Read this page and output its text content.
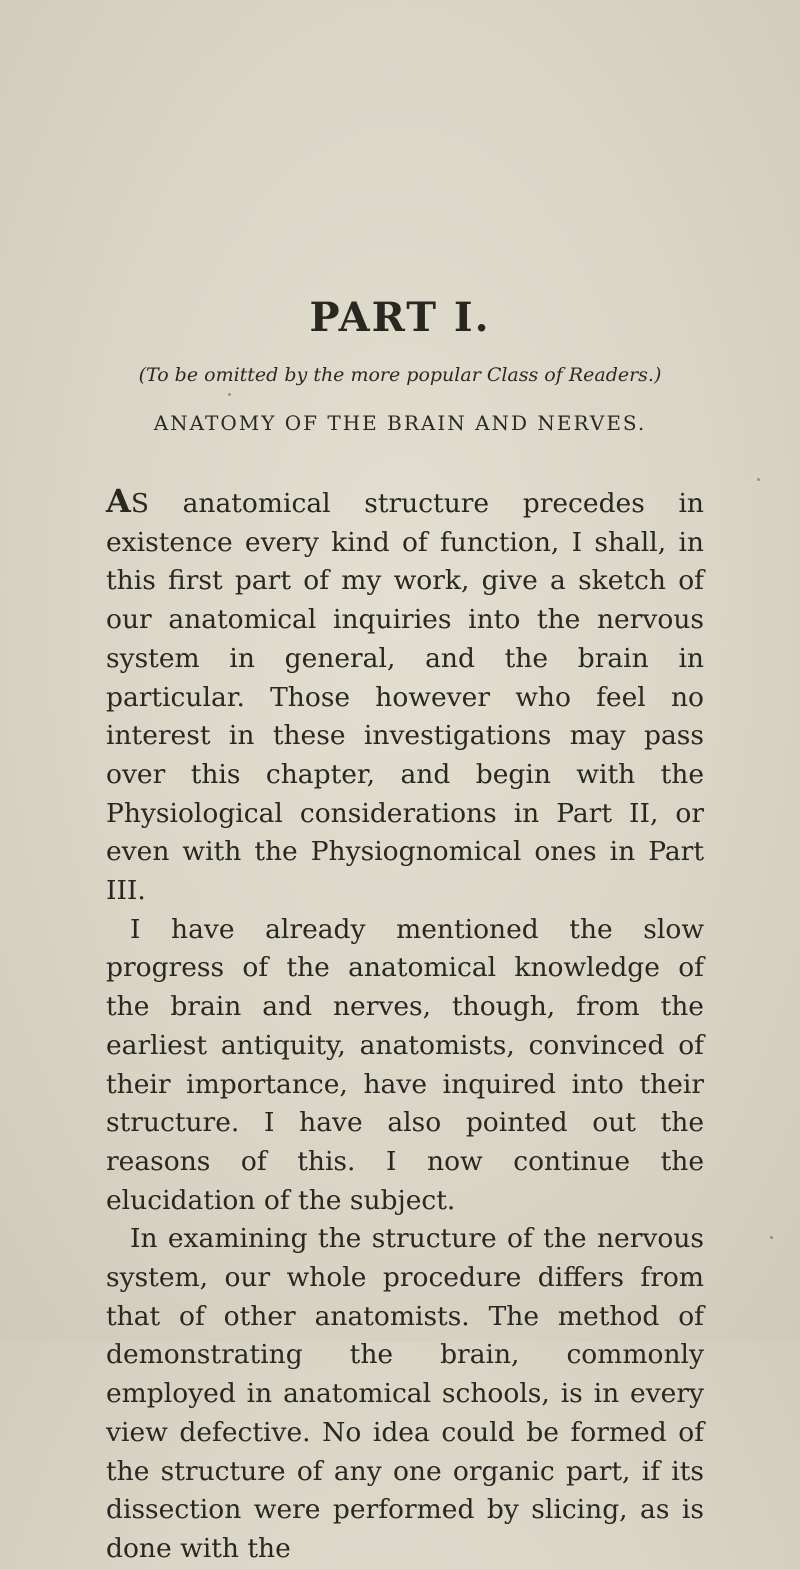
PART I.
(To be omitted by the more popular Class of Readers.)
ANATOMY OF THE BRAIN AND NERVES.

AS anatomical structure precedes in existence every kind of function, I shall, in this first part of my work, give a sketch of our anatomical inquiries into the nervous system in general, and the brain in particular. Those however who feel no interest in these investigations may pass over this chapter, and begin with the Physiological considerations in Part II, or even with the Physiognomical ones in Part III.

I have already mentioned the slow progress of the anatomical knowledge of the brain and nerves, though, from the earliest antiquity, anatomists, convinced of their importance, have inquired into their structure. I have also pointed out the reasons of this. I now continue the elucidation of the subject.

In examining the structure of the nervous system, our whole procedure differs from that of other anatomists. The method of demonstrating the brain, commonly employed in anatomical schools, is in every view defective. No idea could be formed of the structure of any one organic part, if its dissection were performed by slicing, as is done with the
